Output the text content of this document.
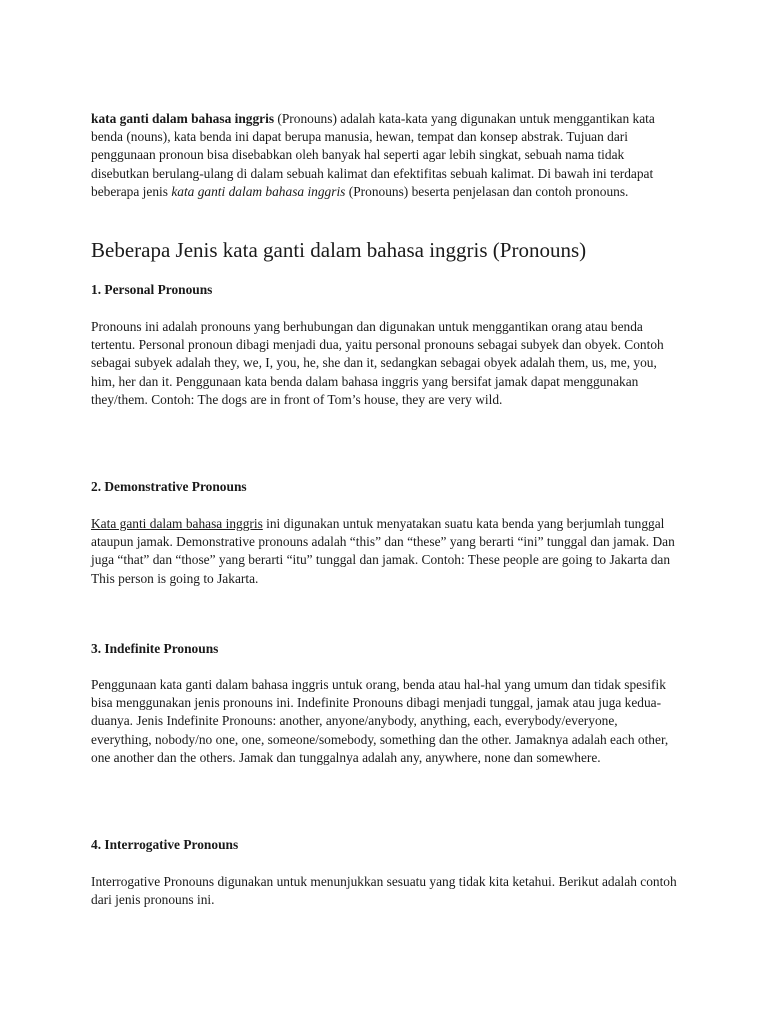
kata ganti dalam bahasa inggris (Pronouns) adalah kata-kata yang digunakan untuk menggantikan kata benda (nouns), kata benda ini dapat berupa manusia, hewan, tempat dan konsep abstrak. Tujuan dari penggunaan pronoun bisa disebabkan oleh banyak hal seperti agar lebih singkat, sebuah nama tidak disebutkan berulang-ulang di dalam sebuah kalimat dan efektifitas sebuah kalimat. Di bawah ini terdapat beberapa jenis kata ganti dalam bahasa inggris (Pronouns) beserta penjelasan dan contoh pronouns.

Beberapa Jenis kata ganti dalam bahasa inggris (Pronouns)
1. Personal Pronouns

Pronouns ini adalah pronouns yang berhubungan dan digunakan untuk menggantikan orang atau benda tertentu. Personal pronoun dibagi menjadi dua, yaitu personal pronouns sebagai subyek dan obyek. Contoh sebagai subyek adalah they, we, I, you, he, she dan it, sedangkan sebagai obyek adalah them, us, me, you, him, her dan it. Penggunaan kata benda dalam bahasa inggris yang bersifat jamak dapat menggunakan they/them. Contoh: The dogs are in front of Tom’s house, they are very wild.

2. Demonstrative Pronouns

Kata ganti dalam bahasa inggris ini digunakan untuk menyatakan suatu kata benda yang berjumlah tunggal ataupun jamak. Demonstrative pronouns adalah “this” dan “these” yang berarti “ini” tunggal dan jamak. Dan juga “that” dan “those” yang berarti “itu” tunggal dan jamak. Contoh: These people are going to Jakarta dan This person is going to Jakarta.

3. Indefinite Pronouns

Penggunaan kata ganti dalam bahasa inggris untuk orang, benda atau hal-hal yang umum dan tidak spesifik bisa menggunakan jenis pronouns ini. Indefinite Pronouns dibagi menjadi tunggal, jamak atau juga kedua-duanya. Jenis Indefinite Pronouns: another, anyone/anybody, anything, each, everybody/everyone, everything, nobody/no one, one, someone/somebody, something dan the other. Jamaknya adalah each other, one another dan the others. Jamak dan tunggalnya adalah any, anywhere, none dan somewhere.

4. Interrogative Pronouns

Interrogative Pronouns digunakan untuk menunjukkan sesuatu yang tidak kita ketahui. Berikut adalah contoh dari jenis pronouns ini.
